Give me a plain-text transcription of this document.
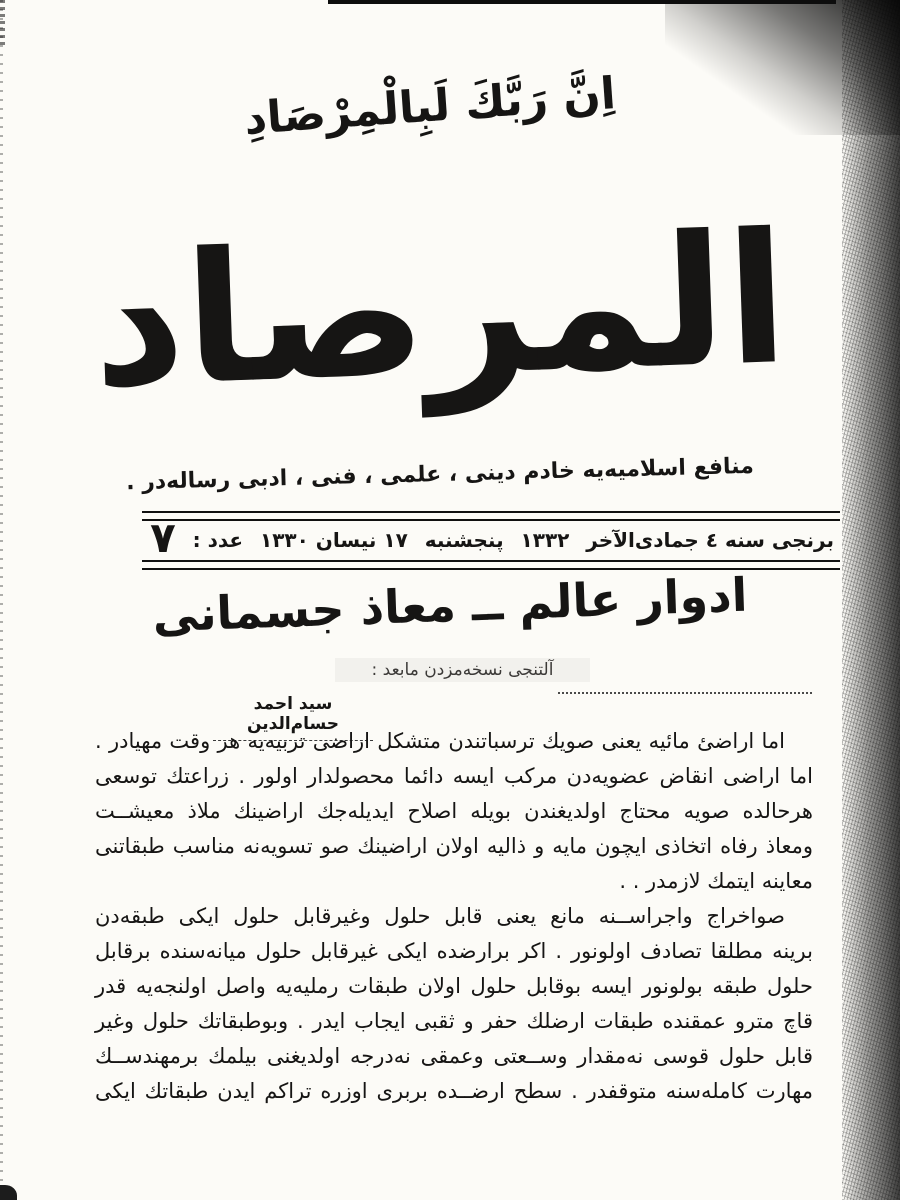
اِنَّ رَبَّكَ لَبِالْمِرْصَادِ
المرصاد
منافع اسلامیه‌یه خادم دینی ، علمی ، فنی ، ادبی رساله‌در .
برنجی سنه ٤ جمادی‌الآخر
١٣٣٢
پنجشنبه
١٧ نیسان ١٣٣٠
عدد :
٧
ادوار عالم ــ معاذ جسمانی
آلتنجی نسخه‌مزدن مابعد :
سید احمد حسام‌الدین
اما اراضئ مائیه یعنی صویك ترسباتندن متشكل اراضی تربیه‌یه هر وقت مهیادر .
اما اراضی انقاض عضویه‌دن مركب ایسه دائما محصولدار اولور . زراعتك توسعی
هرحالده صویه محتاج اولدیغندن بویله اصلاح ایدیله‌جك اراضینك ملاذ معیشــت
ومعاذ رفاه اتخاذی ایچون مایه و ذالیه اولان اراضینك صو تسویه‌نه مناسب طبقاتنی
معاینه ایتمك لازمدر . .
صواخراج واجراســنه مانع یعنی قابل حلول وغیرقابل حلول ایكی طبقه‌دن
برینه مطلقا تصادف اولونور . اكر برارضده ایكی غیرقابل حلول میانه‌سنده برقابل
حلول طبقه بولونور ایسه بوقابل حلول اولان طبقات رملیه‌یه واصل اولنجه‌یه قدر
قاچ مترو عمقنده طبقات ارضلك حفر و ثقبی ایجاب ایدر . وبوطبقاتك حلول وغیر
قابل حلول قوسی نه‌مقدار وســعتی وعمقی نه‌درجه اولدیغنی بیلمك برمهندســك
مهارت كامله‌سنه متوقفدر . سطح ارضــده بربری اوزره تراكم ایدن طبقاتك ایكی
